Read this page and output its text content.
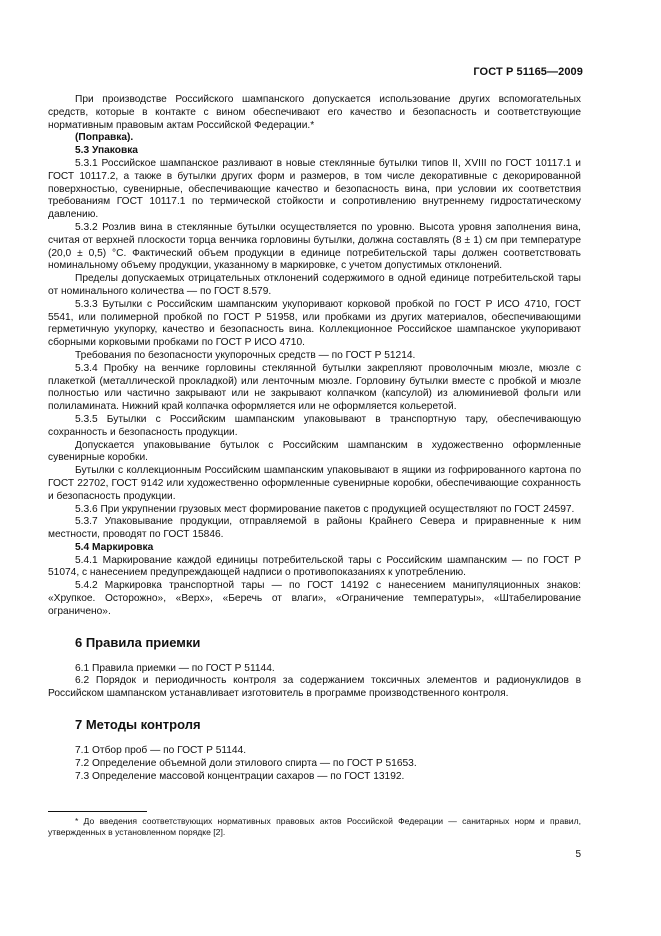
ГОСТ Р 51165—2009

При производстве Российского шампанского допускается использование других вспомогательных средств, которые в контакте с вином обеспечивают его качество и безопасность и соответствующие нормативным правовым актам Российской Федерации.*

(Поправка).

5.3 Упаковка

5.3.1 Российское шампанское разливают в новые стеклянные бутылки типов II, XVIII по ГОСТ 10117.1 и ГОСТ 10117.2, а также в бутылки других форм и размеров, в том числе декоративные с декорированной поверхностью, сувенирные, обеспечивающие качество и безопасность вина, при условии их соответствия требованиям ГОСТ 10117.1 по термической стойкости и сопротивлению внутреннему гидростатическому давлению.

5.3.2 Розлив вина в стеклянные бутылки осуществляется по уровню. Высота уровня заполнения вина, считая от верхней плоскости торца венчика горловины бутылки, должна составлять (8 ± 1) см при температуре (20,0 ± 0,5) °С. Фактический объем продукции в единице потребительской тары должен соответствовать номинальному объему продукции, указанному в маркировке, с учетом допустимых отклонений.

Пределы допускаемых отрицательных отклонений содержимого в одной единице потребительской тары от номинального количества — по ГОСТ 8.579.

5.3.3 Бутылки с Российским шампанским укупоривают корковой пробкой по ГОСТ Р ИСО 4710, ГОСТ 5541, или полимерной пробкой по ГОСТ Р 51958, или пробками из других материалов, обеспечивающими герметичную укупорку, качество и безопасность вина. Коллекционное Российское шампанское укупоривают сборными корковыми пробками по ГОСТ Р ИСО 4710.

Требования по безопасности укупорочных средств — по ГОСТ Р 51214.

5.3.4 Пробку на венчике горловины стеклянной бутылки закрепляют проволочным мюзле, мюзле с плакеткой (металлической прокладкой) или ленточным мюзле. Горловину бутылки вместе с пробкой и мюзле полностью или частично закрывают или не закрывают колпачком (капсулой) из алюминиевой фольги или полиламината. Нижний край колпачка оформляется или не оформляется кольеретой.

5.3.5 Бутылки с Российским шампанским упаковывают в транспортную тару, обеспечивающую сохранность и безопасность продукции.

Допускается упаковывание бутылок с Российским шампанским в художественно оформленные сувенирные коробки.

Бутылки с коллекционным Российским шампанским упаковывают в ящики из гофрированного картона по ГОСТ 22702, ГОСТ 9142 или художественно оформленные сувенирные коробки, обеспечивающие сохранность и безопасность продукции.

5.3.6 При укрупнении грузовых мест формирование пакетов с продукцией осуществляют по ГОСТ 24597.

5.3.7 Упаковывание продукции, отправляемой в районы Крайнего Севера и приравненные к ним местности, проводят по ГОСТ 15846.

5.4 Маркировка

5.4.1 Маркирование каждой единицы потребительской тары с Российским шампанским — по ГОСТ Р 51074, с нанесением предупреждающей надписи о противопоказаниях к употреблению.

5.4.2 Маркировка транспортной тары — по ГОСТ 14192 с нанесением манипуляционных знаков: «Хрупкое. Осторожно», «Верх», «Беречь от влаги», «Ограничение температуры», «Штабелирование ограничено».

6 Правила приемки

6.1 Правила приемки — по ГОСТ Р 51144.

6.2 Порядок и периодичность контроля за содержанием токсичных элементов и радионуклидов в Российском шампанском устанавливает изготовитель в программе производственного контроля.

7 Методы контроля

7.1 Отбор проб — по ГОСТ Р 51144.

7.2 Определение объемной доли этилового спирта — по ГОСТ Р 51653.

7.3 Определение массовой концентрации сахаров — по ГОСТ 13192.

* До введения соответствующих нормативных правовых актов Российской Федерации — санитарных норм и правил, утвержденных в установленном порядке [2].
5
